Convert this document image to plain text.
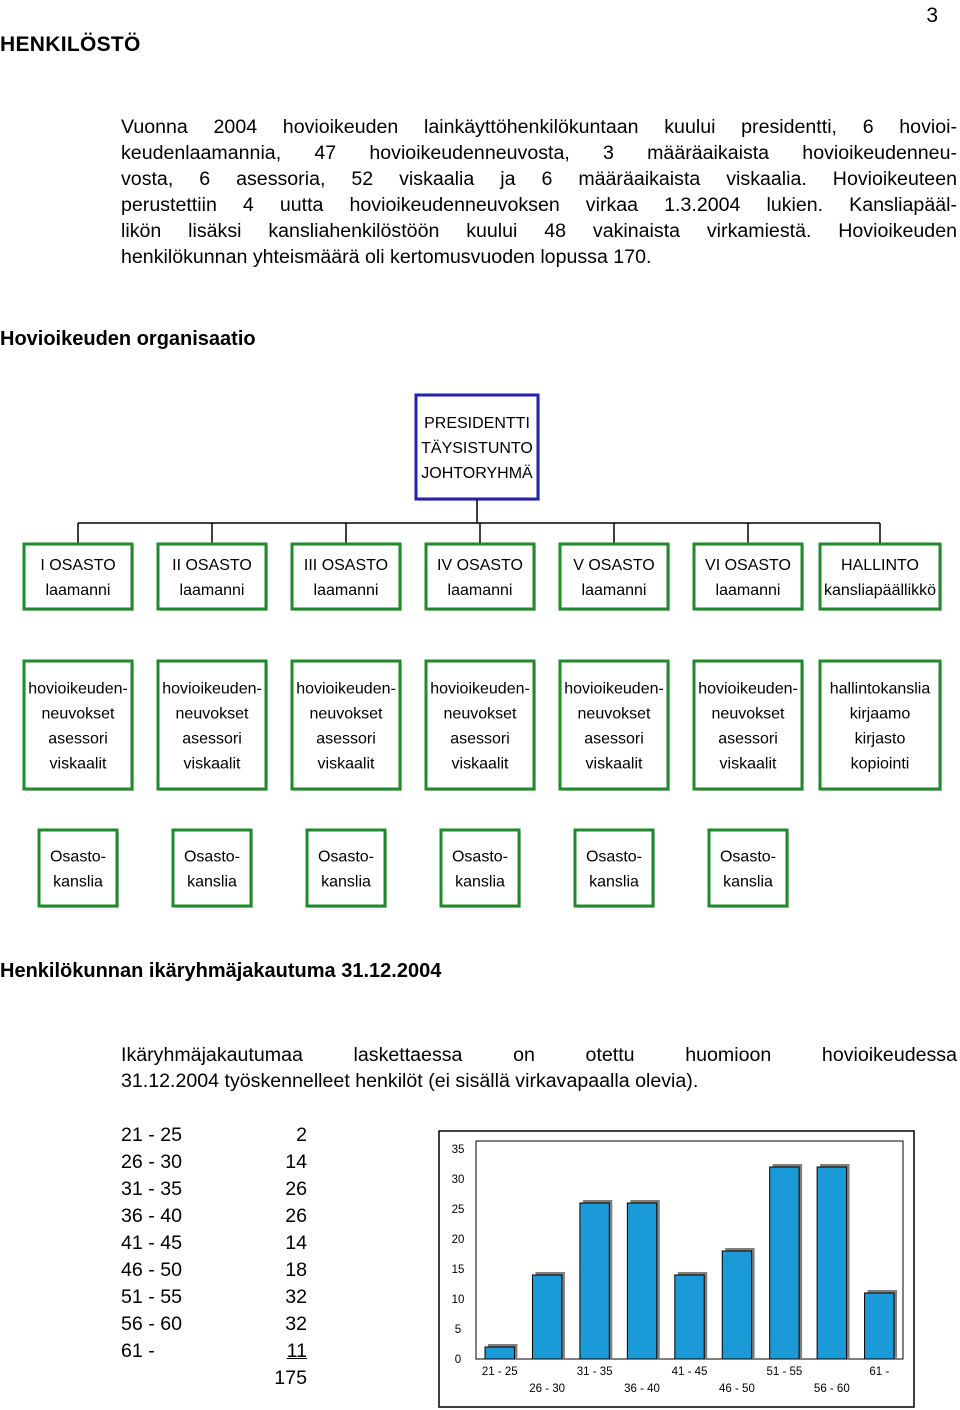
3
HENKILÖSTÖ
Vuonna 2004 hovioikeuden lainkäyttöhenkilökuntaan kuului presidentti, 6 hovioi-
keudenlaamannia, 47 hovioikeudenneuvosta, 3 määräaikaista hovioikeudenneu-
vosta, 6 asessoria, 52 viskaalia ja 6 määräaikaista viskaalia. Hovioikeuteen
perustettiin 4 uutta hovioikeudenneuvoksen virkaa 1.3.2004 lukien. Kansliapääl-
likön lisäksi kansliahenkilöstöön kuului 48 vakinaista virkamiestä. Hovioikeuden
henkilökunnan yhteismäärä oli kertomusvuoden lopussa 170.
Hovioikeuden organisaatio
PRESIDENTTI
TÄYSISTUNTO
JOHTORYHMÄ
I OSASTO
laamanni
II OSASTO
laamanni
III OSASTO
laamanni
IV OSASTO
laamanni
V OSASTO
laamanni
VI OSASTO
laamanni
HALLINTO
kansliapäällikkö
hovioikeuden-
neuvokset
asessori
viskaalit
hovioikeuden-
neuvokset
asessori
viskaalit
hovioikeuden-
neuvokset
asessori
viskaalit
hovioikeuden-
neuvokset
asessori
viskaalit
hovioikeuden-
neuvokset
asessori
viskaalit
hovioikeuden-
neuvokset
asessori
viskaalit
hallintokanslia
kirjaamo
kirjasto
kopiointi
Osasto-
kanslia
Osasto-
kanslia
Osasto-
kanslia
Osasto-
kanslia
Osasto-
kanslia
Osasto-
kanslia
Henkilökunnan ikäryhmäjakautuma 31.12.2004
Ikäryhmäjakautumaa laskettaessa on otettu huomioon hovioikeudessa
31.12.2004 työskennelleet henkilöt (ei sisällä virkavapaalla olevia).
21 - 25	2
26 - 30	14
31 - 35	26
36 - 40	26
41 - 45	14
46 - 50	18
51 - 55	32
56 - 60	32
61 -	11
175
0
5
10
15
20
25
30
35
21 - 25
26 - 30
31 - 35
36 - 40
41 - 45
46 - 50
51 - 55
56 - 60
61 -
